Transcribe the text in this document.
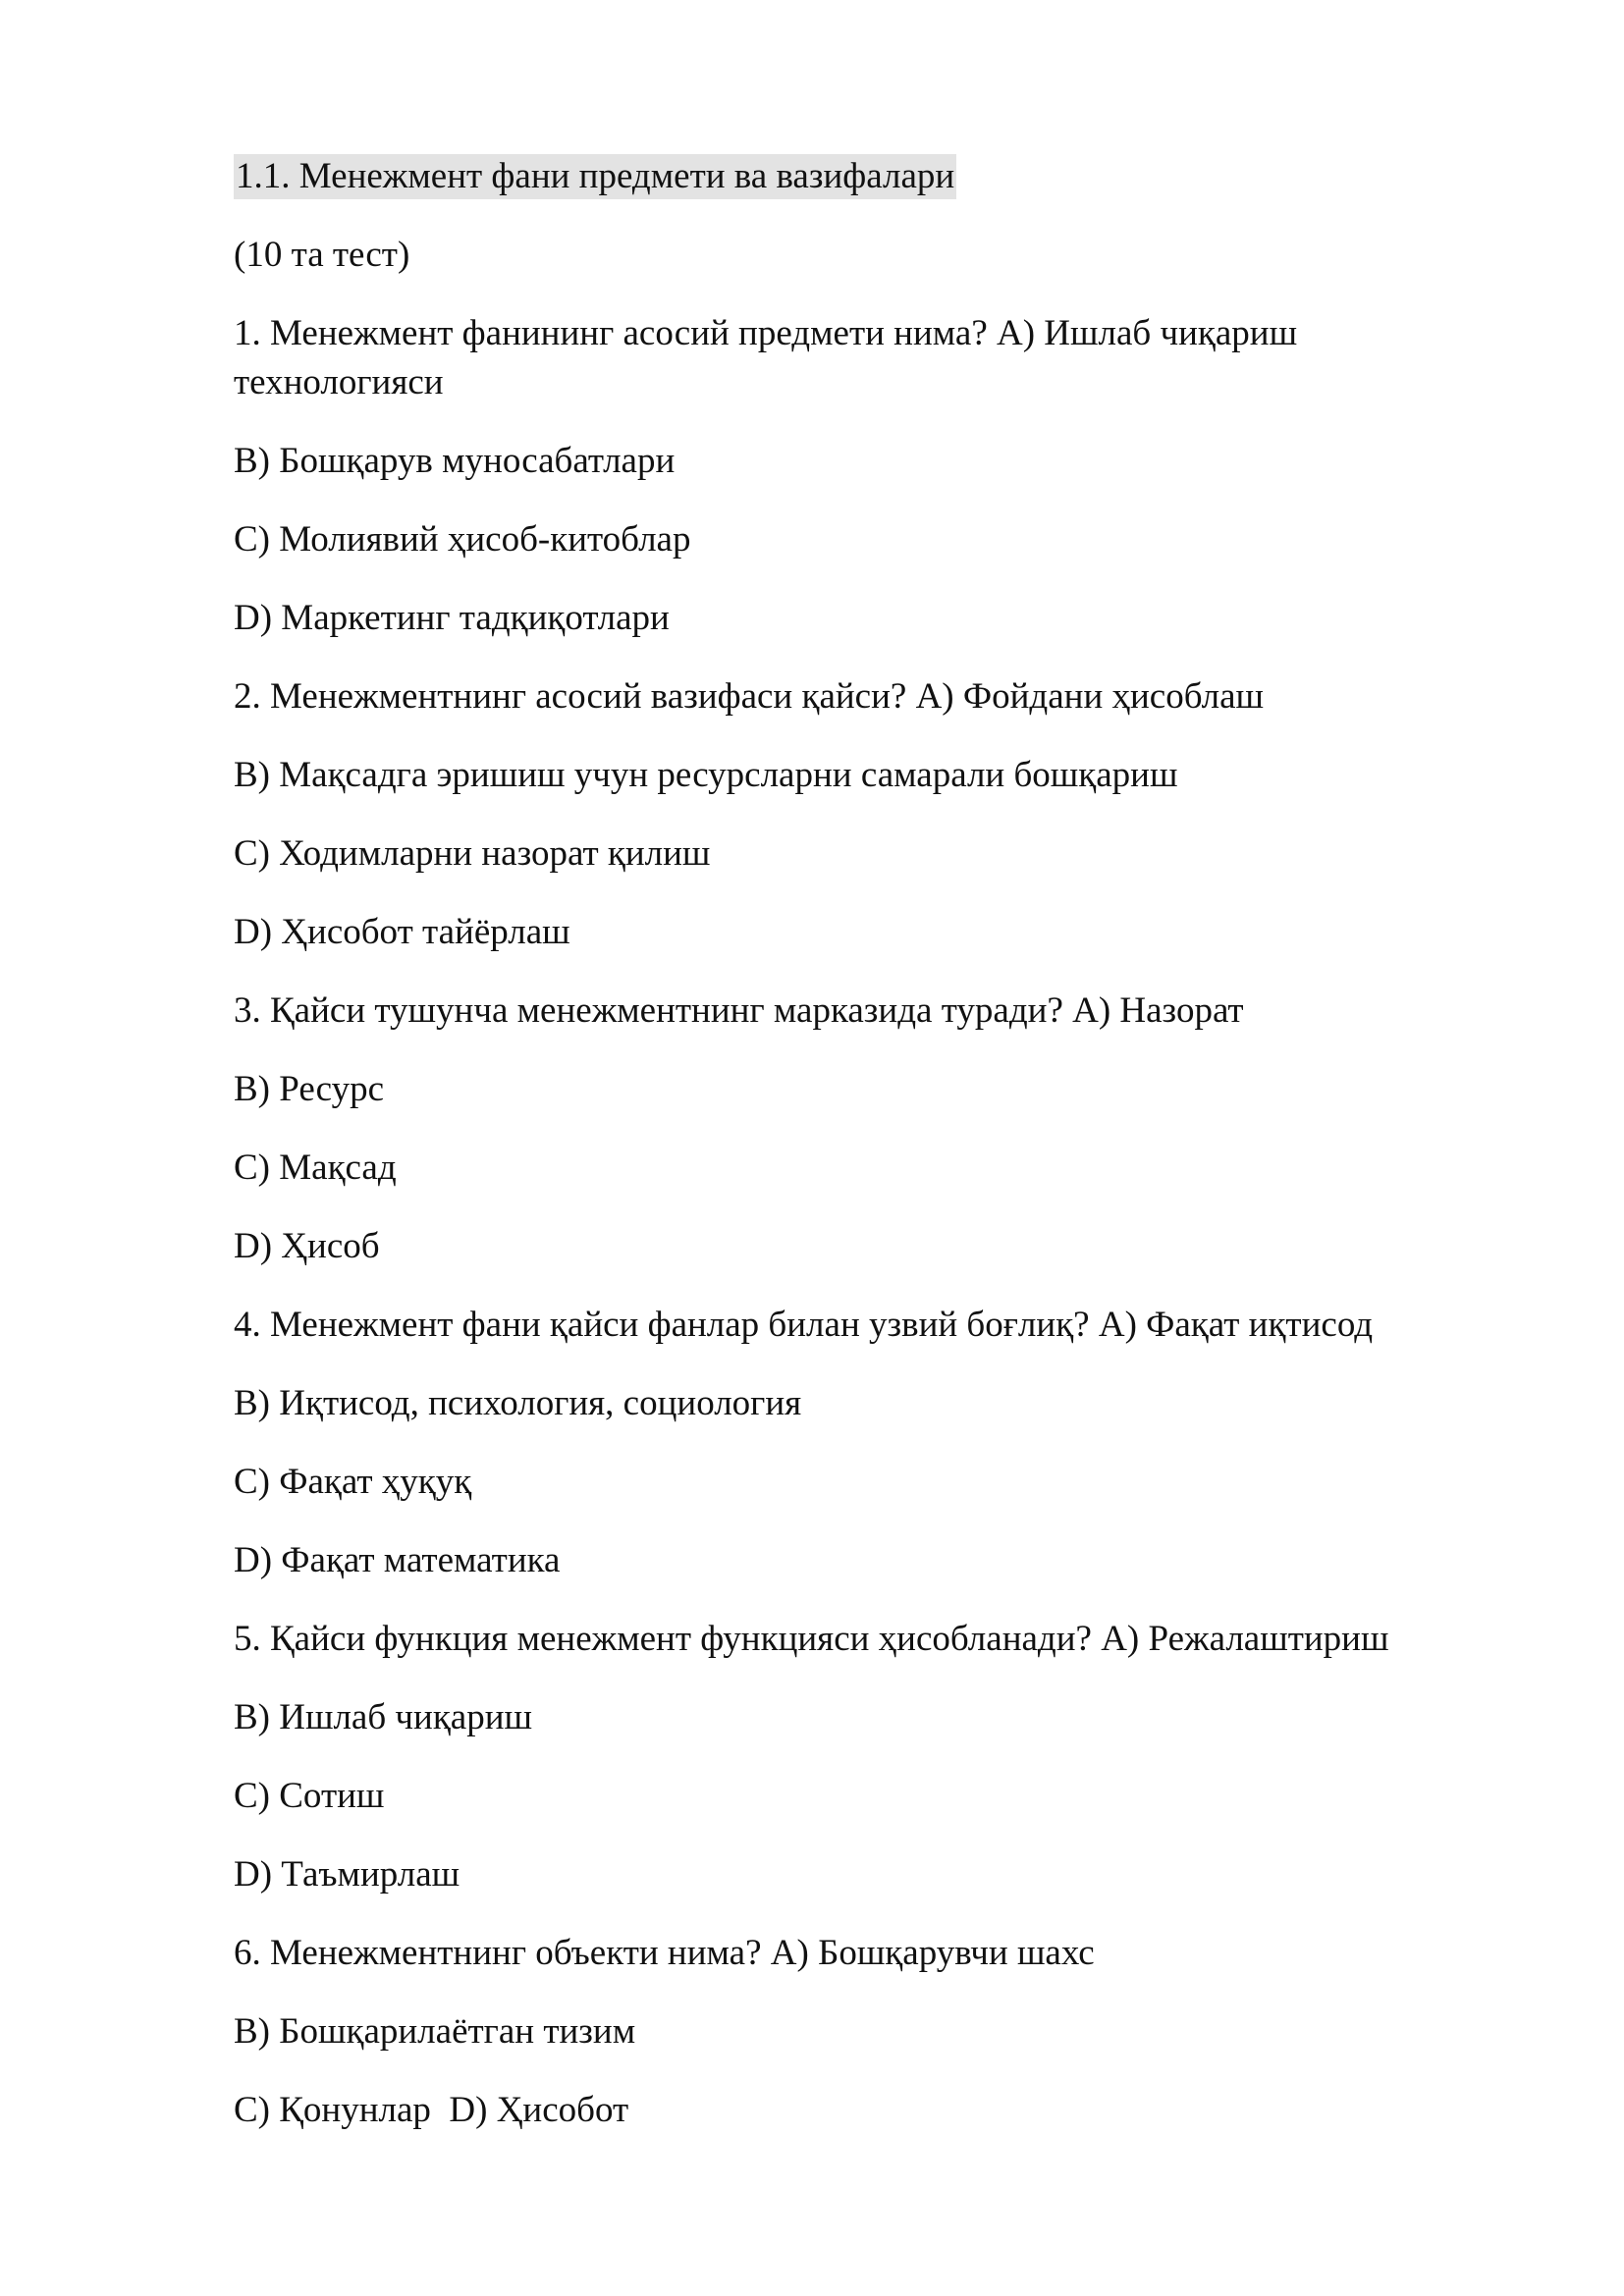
1.1. Менежмент фани предмети ва вазифалари
(10 та тест)
1. Менежмент фанининг асосий предмети нима? A) Ишлаб чиқариш технологияси
B) Бошқарув муносабатлари
C) Молиявий ҳисоб-китоблар
D) Маркетинг тадқиқотлари
2. Менежментнинг асосий вазифаси қайси? A) Фойдани ҳисоблаш
B) Мақсадга эришиш учун ресурсларни самарали бошқариш
C) Ходимларни назорат қилиш
D) Ҳисобот тайёрлаш
3. Қайси тушунча менежментнинг марказида туради? A) Назорат
B) Ресурс
C) Мақсад
D) Ҳисоб
4. Менежмент фани қайси фанлар билан узвий боғлиқ? A) Фақат иқтисод
B) Иқтисод, психология, социология
C) Фақат ҳуқуқ
D) Фақат математика
5. Қайси функция менежмент функцияси ҳисобланади? A) Режалаштириш
B) Ишлаб чиқариш
C) Сотиш
D) Таъмирлаш
6. Менежментнинг объекти нима? A) Бошқарувчи шахс
B) Бошқарилаётган тизим
C) Қонунлар  D) Ҳисобот
